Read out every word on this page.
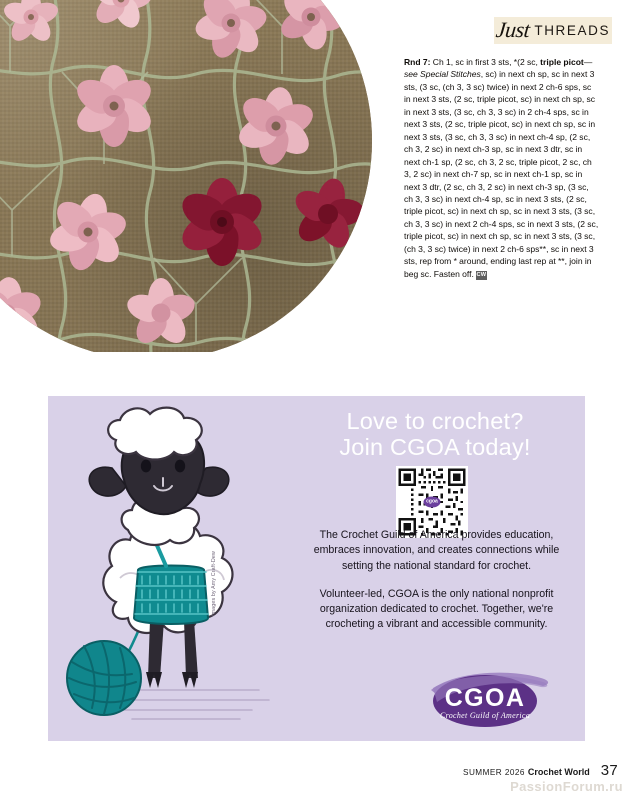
Just THREADS
Rnd 7: Ch 1, sc in first 3 sts, *(2 sc, triple picot—see Special Stitches, sc) in next ch sp, sc in next 3 sts, (3 sc, (ch 3, 3 sc) twice) in next 2 ch-6 sps, sc in next 3 sts, (2 sc, triple picot, sc) in next ch sp, sc in next 3 sts, (3 sc, ch 3, 3 sc) in 2 ch-4 sps, sc in next 3 sts, (2 sc, triple picot, sc) in next ch sp, sc in next 3 sts, (3 sc, ch 3, 3 sc) in next ch-4 sp, (2 sc, ch 3, 2 sc) in next ch-3 sp, sc in next 3 dtr, sc in next ch-1 sp, (2 sc, ch 3, 2 sc, triple picot, 2 sc, ch 3, 2 sc) in next ch-7 sp, sc in next ch-1 sp, sc in next 3 dtr, (2 sc, ch 3, 2 sc) in next ch-3 sp, (3 sc, ch 3, 3 sc) in next ch-4 sp, sc in next 3 sts, (2 sc, triple picot, sc) in next ch sp, sc in next 3 sts, (3 sc, ch 3, 3 sc) in next 2 ch-4 sps, sc in next 3 sts, (2 sc, triple picot, sc) in next ch sp, sc in next 3 sts, (3 sc, (ch 3, 3 sc) twice) in next 2 ch-6 sps**, sc in next 3 sts, rep from * around, ending last rep at **, join in beg sc. Fasten off. CW
Love to crochet?
Join CGOA today!
cgoa

The Crochet Guild of America provides education, embraces innovation, and creates connections while setting the national standard for crochet.

Volunteer-led, CGOA is the only national nonprofit organization dedicated to crochet. Together, we're crocheting a vibrant and accessible community.

CGOA
Crochet Guild of America
Images by Amy Craft-Dew
SUMMER 2026 Crochet World 37
PassionForum.ru
